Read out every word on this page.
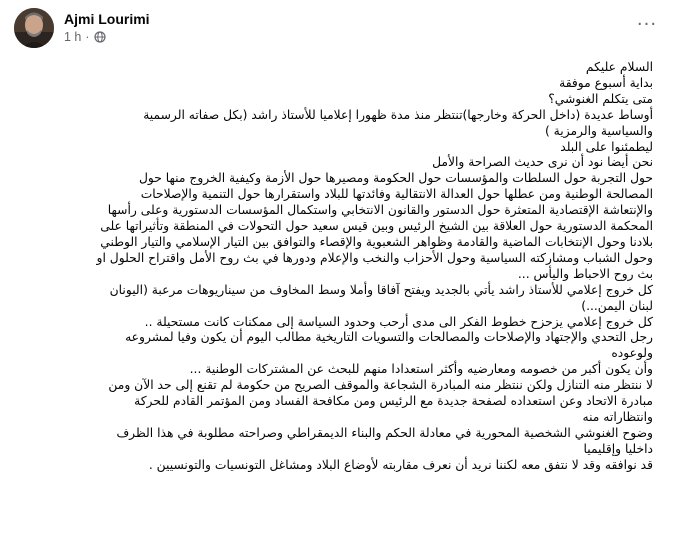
Ajmi Lourimi
1 h ·
···

السلام عليكم

بداية أسبوع موفقة

متى يتكلم الغنوشي؟

أوساط عديدة (داخل الحركة وخارجها)تنتظر منذ مدة ظهورا إعلاميا للأستاذ راشد (بكل صفاته الرسمية

والسياسية والرمزية )

ليطمئنوا على البلد

نحن أيضا نود أن نرى حديث الصراحة والأمل

حول التجربة حول السلطات والمؤسسات حول الحكومة ومصيرها حول الأزمة وكيفية الخروج منها حول

المصالحة الوطنية ومن عطلها حول العدالة الانتقالية وفائدتها للبلاد واستقرارها حول التنمية والإصلاحات

والإنتعاشة الإقتصادية المتعثرة حول الدستور والقانون الانتخابي واستكمال المؤسسات الدستورية وعلى رأسها

المحكمة الدستورية حول العلاقة بين الشيخ الرئيس وبين قيس سعيد حول التحولات في المنطقة وتأثيراتها على

بلادنا وحول الإنتخابات الماضية والقادمة وظواهر الشعبوية والإقصاء والتوافق بين التيار الإسلامي والتيار الوطني

وحول الشباب ومشاركته السياسية وحول الأحزاب والنخب والإعلام ودورها في بث روح الأمل واقتراح الحلول او

بث روح الاحباط واليأس ...

كل خروج إعلامي للأستاذ راشد يأتي بالجديد ويفتح آفاقا وأملا وسط المخاوف من سيناريوهات مرعبة (اليونان

لبنان اليمن...)

كل خروج إعلامي يزحزح خطوط الفكر الى مدى أرحب وحدود السياسة إلى ممكنات كانت مستحيلة ..

رجل التحدي والإجتهاد والإصلاحات والمصالحات والتسويات التاريخية مطالب اليوم أن يكون وفيا لمشروعه

ولوعوده

وأن يكون أكبر من خصومه ومعارضيه وأكثر استعدادا منهم للبحث عن المشتركات الوطنية ...

لا ننتظر منه التنازل ولكن ننتظر منه المبادرة الشجاعة والموقف الصريح من حكومة لم تقنع إلى حد الآن ومن

مبادرة الاتحاد وعن استعداده لصفحة جديدة مع الرئيس ومن مكافحة الفساد ومن المؤتمر القادم للحركة

وانتظاراته منه

وضوح الغنوشي الشخصية المحورية في معادلة الحكم والبناء الديمقراطي وصراحته مطلوبة في هذا الظرف

داخليا وإقليميا

قد نوافقه وقد لا نتفق معه لكننا نريد أن نعرف مقاربته لأوضاع البلاد ومشاغل التونسيات والتونسيين .
